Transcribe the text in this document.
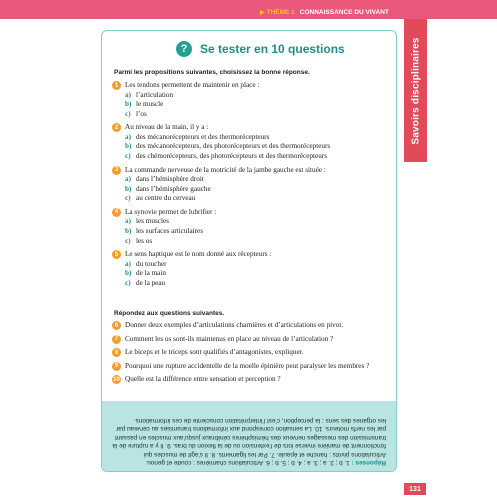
▶ THÈME 1 CONNAISSANCE DU VIVANT
Savoirs disciplinaires
?	Se tester en 10 questions
Parmi les propositions suivantes, choisissez la bonne réponse.
1 Les tendons permettent de maintenir en place :
a) l’articulation
b) le muscle
c) l’os
2 Au niveau de la main, il y a :
a) des mécanorécepteurs et des thermorécepteurs
b) des mécanorécepteurs, des photorécepteurs et des thermorécepteurs
c) des chémorécepteurs, des photorécepteurs et des thermorécepteurs
3 La commande nerveuse de la motricité de la jambe gauche est située :
a) dans l’hémisphère droit
b) dans l’hémisphère gauche
c) au centre du cerveau
4 La synovie permet de lubrifier :
a) les muscles
b) les surfaces articulaires
c) les os
5 Le sens haptique est le nom donné aux récepteurs :
a) du toucher
b) de la main
c) de la peau
Répondez aux questions suivantes.
6 Donner deux exemples d’articulations charnières et d’articulations en pivot.
7 Comment les os sont-ils maintenus en place au niveau de l’articulation ?
8 Le biceps et le triceps sont qualifiés d’antagonistes, expliquer.
9 Pourquoi une rupture accidentelle de la moelle épinière peut paralyser les membres ?
10 Quelle est la différence entre sensation et perception ?
Réponses : 1. b ; 2. a ; 3. a ; 4. b ; 5. b ; 6. Articulations charnières : coude et genou. Articulations pivots : hanche et épaule. 7. Par les ligaments. 8. Il s’agit de muscles qui fonctionnent de manière inverse lors de l’extension ou de la flexion du bras. 9. Il y a rupture de la transmission des messages nerveux des hémisphères cérébraux jusqu’aux muscles en passant par les nerfs moteurs. 10. La sensation correspond aux informations transmises au cerveau par les organes des sens ; la perception, c’est l’interprétation consciente de ces informations.
131
